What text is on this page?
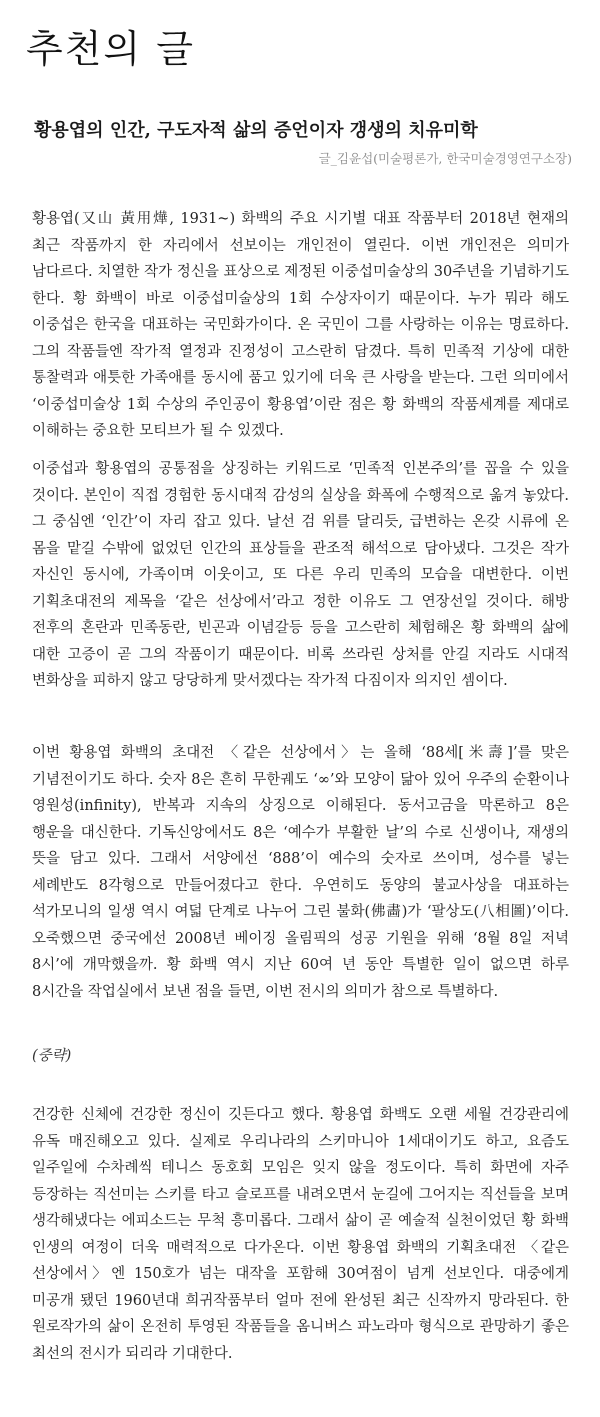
추천의 글
황용엽의 인간, 구도자적 삶의 증언이자 갱생의 치유미학
글_김윤섭(미술평론가, 한국미술경영연구소장)

황용엽(又山 黃用燁, 1931~) 화백의 주요 시기별 대표 작품부터 2018년 현재의 최근 작품까지 한 자리에서 선보이는 개인전이 열린다. 이번 개인전은 의미가 남다르다. 치열한 작가 정신을 표상으로 제정된 이중섭미술상의 30주년을 기념하기도 한다. 황 화백이 바로 이중섭미술상의 1회 수상자이기 때문이다. 누가 뭐라 해도 이중섭은 한국을 대표하는 국민화가이다. 온 국민이 그를 사랑하는 이유는 명료하다. 그의 작품들엔 작가적 열정과 진정성이 고스란히 담겼다. 특히 민족적 기상에 대한 통찰력과 애틋한 가족애를 동시에 품고 있기에 더욱 큰 사랑을 받는다. 그런 의미에서 ‘이중섭미술상 1회 수상의 주인공이 황용엽’이란 점은 황 화백의 작품세계를 제대로 이해하는 중요한 모티브가 될 수 있겠다.

이중섭과 황용엽의 공통점을 상징하는 키워드로 ‘민족적 인본주의’를 꼽을 수 있을 것이다. 본인이 직접 경험한 동시대적 감성의 실상을 화폭에 수행적으로 옮겨 놓았다. 그 중심엔 ‘인간’이 자리 잡고 있다. 날선 검 위를 달리듯, 급변하는 온갖 시류에 온 몸을 맡길 수밖에 없었던 인간의 표상들을 관조적 해석으로 담아냈다. 그것은 작가 자신인 동시에, 가족이며 이웃이고, 또 다른 우리 민족의 모습을 대변한다. 이번 기획초대전의 제목을 ‘같은 선상에서’라고 정한 이유도 그 연장선일 것이다. 해방 전후의 혼란과 민족동란, 빈곤과 이념갈등 등을 고스란히 체험해온 황 화백의 삶에 대한 고증이 곧 그의 작품이기 때문이다. 비록 쓰라린 상처를 안길 지라도 시대적 변화상을 피하지 않고 당당하게 맞서겠다는 작가적 다짐이자 의지인 셈이다.

이번 황용엽 화백의 초대전 〈같은 선상에서〉는 올해 ‘88세[米壽]’를 맞은 기념전이기도 하다. 숫자 8은 흔히 무한궤도 ‘∞’와 모양이 닮아 있어 우주의 순환이나 영원성(infinity), 반복과 지속의 상징으로 이해된다. 동서고금을 막론하고 8은 행운을 대신한다. 기독신앙에서도 8은 ‘예수가 부활한 날’의 수로 신생이나, 재생의 뜻을 담고 있다. 그래서 서양에선 ‘888’이 예수의 숫자로 쓰이며, 성수를 넣는 세례반도 8각형으로 만들어졌다고 한다. 우연히도 동양의 불교사상을 대표하는 석가모니의 일생 역시 여덟 단계로 나누어 그린 불화(佛畵)가 ‘팔상도(八相圖)’이다. 오죽했으면 중국에선 2008년 베이징 올림픽의 성공 기원을 위해 ‘8월 8일 저녁 8시’에 개막했을까. 황 화백 역시 지난 60여 년 동안 특별한 일이 없으면 하루 8시간을 작업실에서 보낸 점을 들면, 이번 전시의 의미가 참으로 특별하다.

(중략)

건강한 신체에 건강한 정신이 깃든다고 했다. 황용엽 화백도 오랜 세월 건강관리에 유독 매진해오고 있다. 실제로 우리나라의 스키마니아 1세대이기도 하고, 요즘도 일주일에 수차례씩 테니스 동호회 모임은 잊지 않을 정도이다. 특히 화면에 자주 등장하는 직선미는 스키를 타고 슬로프를 내려오면서 눈길에 그어지는 직선들을 보며 생각해냈다는 에피소드는 무척 흥미롭다. 그래서 삶이 곧 예술적 실천이었던 황 화백 인생의 여정이 더욱 매력적으로 다가온다. 이번 황용엽 화백의 기획초대전 〈같은 선상에서〉엔 150호가 넘는 대작을 포함해 30여점이 넘게 선보인다. 대중에게 미공개 됐던 1960년대 희귀작품부터 얼마 전에 완성된 최근 신작까지 망라된다. 한 원로작가의 삶이 온전히 투영된 작품들을 옴니버스 파노라마 형식으로 관망하기 좋은 최선의 전시가 되리라 기대한다.
